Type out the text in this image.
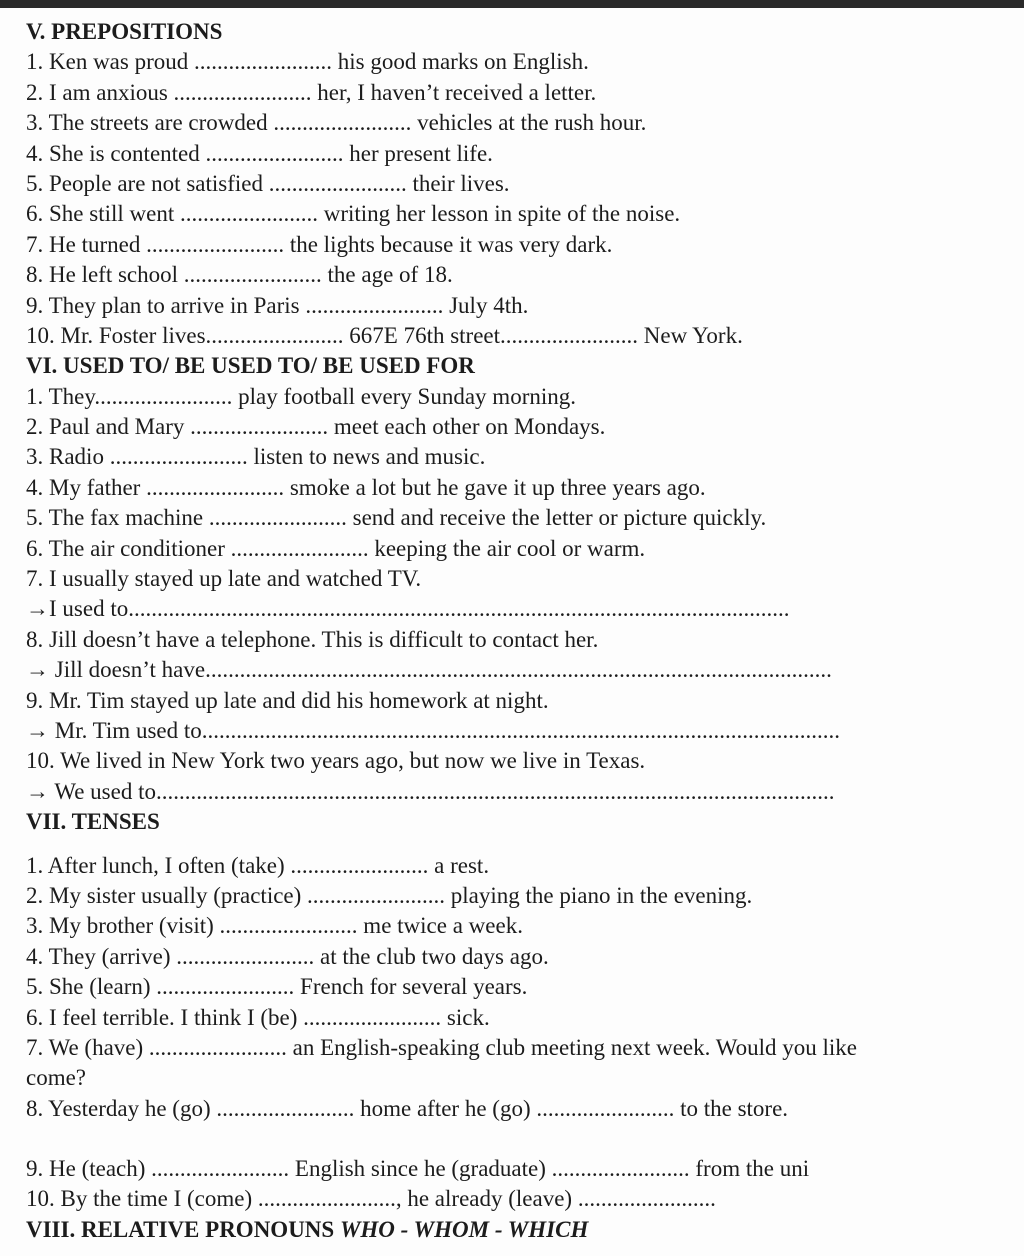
V. PREPOSITIONS
1. Ken was proud ........................ his good marks on English.
2. I am anxious ........................ her, I haven’t received a letter.
3. The streets are crowded ........................ vehicles at the rush hour.
4. She is contented ........................ her present life.
5. People are not satisfied ........................ their lives.
6. She still went ........................ writing her lesson in spite of the noise.
7. He turned ........................ the lights because it was very dark.
8. He left school ........................ the age of 18.
9. They plan to arrive in Paris ........................ July 4th.
10. Mr. Foster lives........................ 667E 76th street........................ New York.
VI. USED TO/ BE USED TO/ BE USED FOR
1. They........................ play football every Sunday morning.
2. Paul and Mary ........................ meet each other on Mondays.
3. Radio ........................ listen to news and music.
4. My father ........................ smoke a lot but he gave it up three years ago.
5. The fax machine ........................ send and receive the letter or picture quickly.
6. The air conditioner ........................ keeping the air cool or warm.
7. I usually stayed up late and watched TV.
→I used to...................................................................................................................
8. Jill doesn’t have a telephone. This is difficult to contact her.
→ Jill doesn’t have.............................................................................................................
9. Mr. Tim stayed up late and did his homework at night.
→ Mr. Tim used to...............................................................................................................
10. We lived in New York two years ago, but now we live in Texas.
→ We used to......................................................................................................................
VII. TENSES
1. After lunch, I often (take) ........................ a rest.
2. My sister usually (practice) ........................ playing the piano in the evening.
3. My brother (visit) ........................ me twice a week.
4. They (arrive) ........................ at the club two days ago.
5. She (learn) ........................ French for several years.
6. I feel terrible. I think I (be) ........................ sick.
7. We (have) ........................ an English-speaking club meeting next week. Would you like
come?
8. Yesterday he (go) ........................ home after he (go) ........................ to the store.
9. He (teach) ........................ English since he (graduate) ........................ from the uni
10. By the time I (come) ........................, he already (leave) ........................
VIII. RELATIVE PRONOUNS WHO - WHOM - WHICH
